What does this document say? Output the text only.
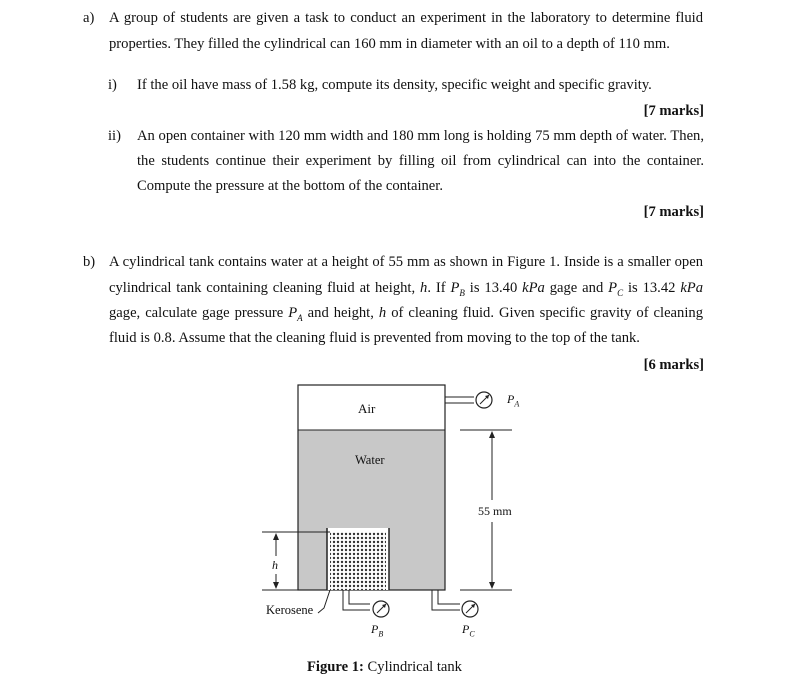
a) A group of students are given a task to conduct an experiment in the laboratory to determine fluid
properties. They filled the cylindrical can 160 mm in diameter with an oil to a depth of 110 mm.
i) If the oil have mass of 1.58 kg, compute its density, specific weight and specific gravity.
[7 marks]
ii) An open container with 120 mm width and 180 mm long is holding 75 mm depth of water. Then,
the students continue their experiment by filling oil from cylindrical can into the container.
Compute the pressure at the bottom of the container.
[7 marks]
b) A cylindrical tank contains water at a height of 55 mm as shown in Figure 1. Inside is a smaller open
cylindrical tank containing cleaning fluid at height, h. If $P_B$ is 13.40 kPa gage and $P_C$ is 13.42 kPa
gage, calculate gage pressure $P_A$ and height, h of cleaning fluid. Given specific gravity of cleaning
fluid is 0.8. Assume that the cleaning fluid is prevented from moving to the top of the tank.
[6 marks]
Air
Water
55 mm
h
Kerosene
$P_A$
$P_B$	$P_C$
Figure 1: Cylindrical tank
